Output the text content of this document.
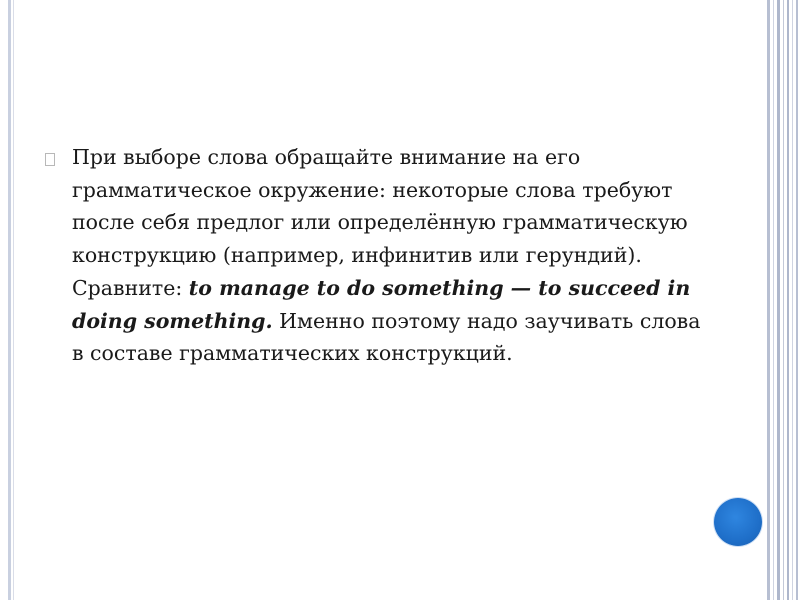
При выборе слова обращайте внимание на его грамматическое окружение: некоторые слова требуют после себя предлог или определённую грамматическую конструкцию (например, инфинитив или герундий). Сравните: to manage to do something — to succeed in doing something. Именно поэтому надо заучивать слова в составе грамматических конструкций.
